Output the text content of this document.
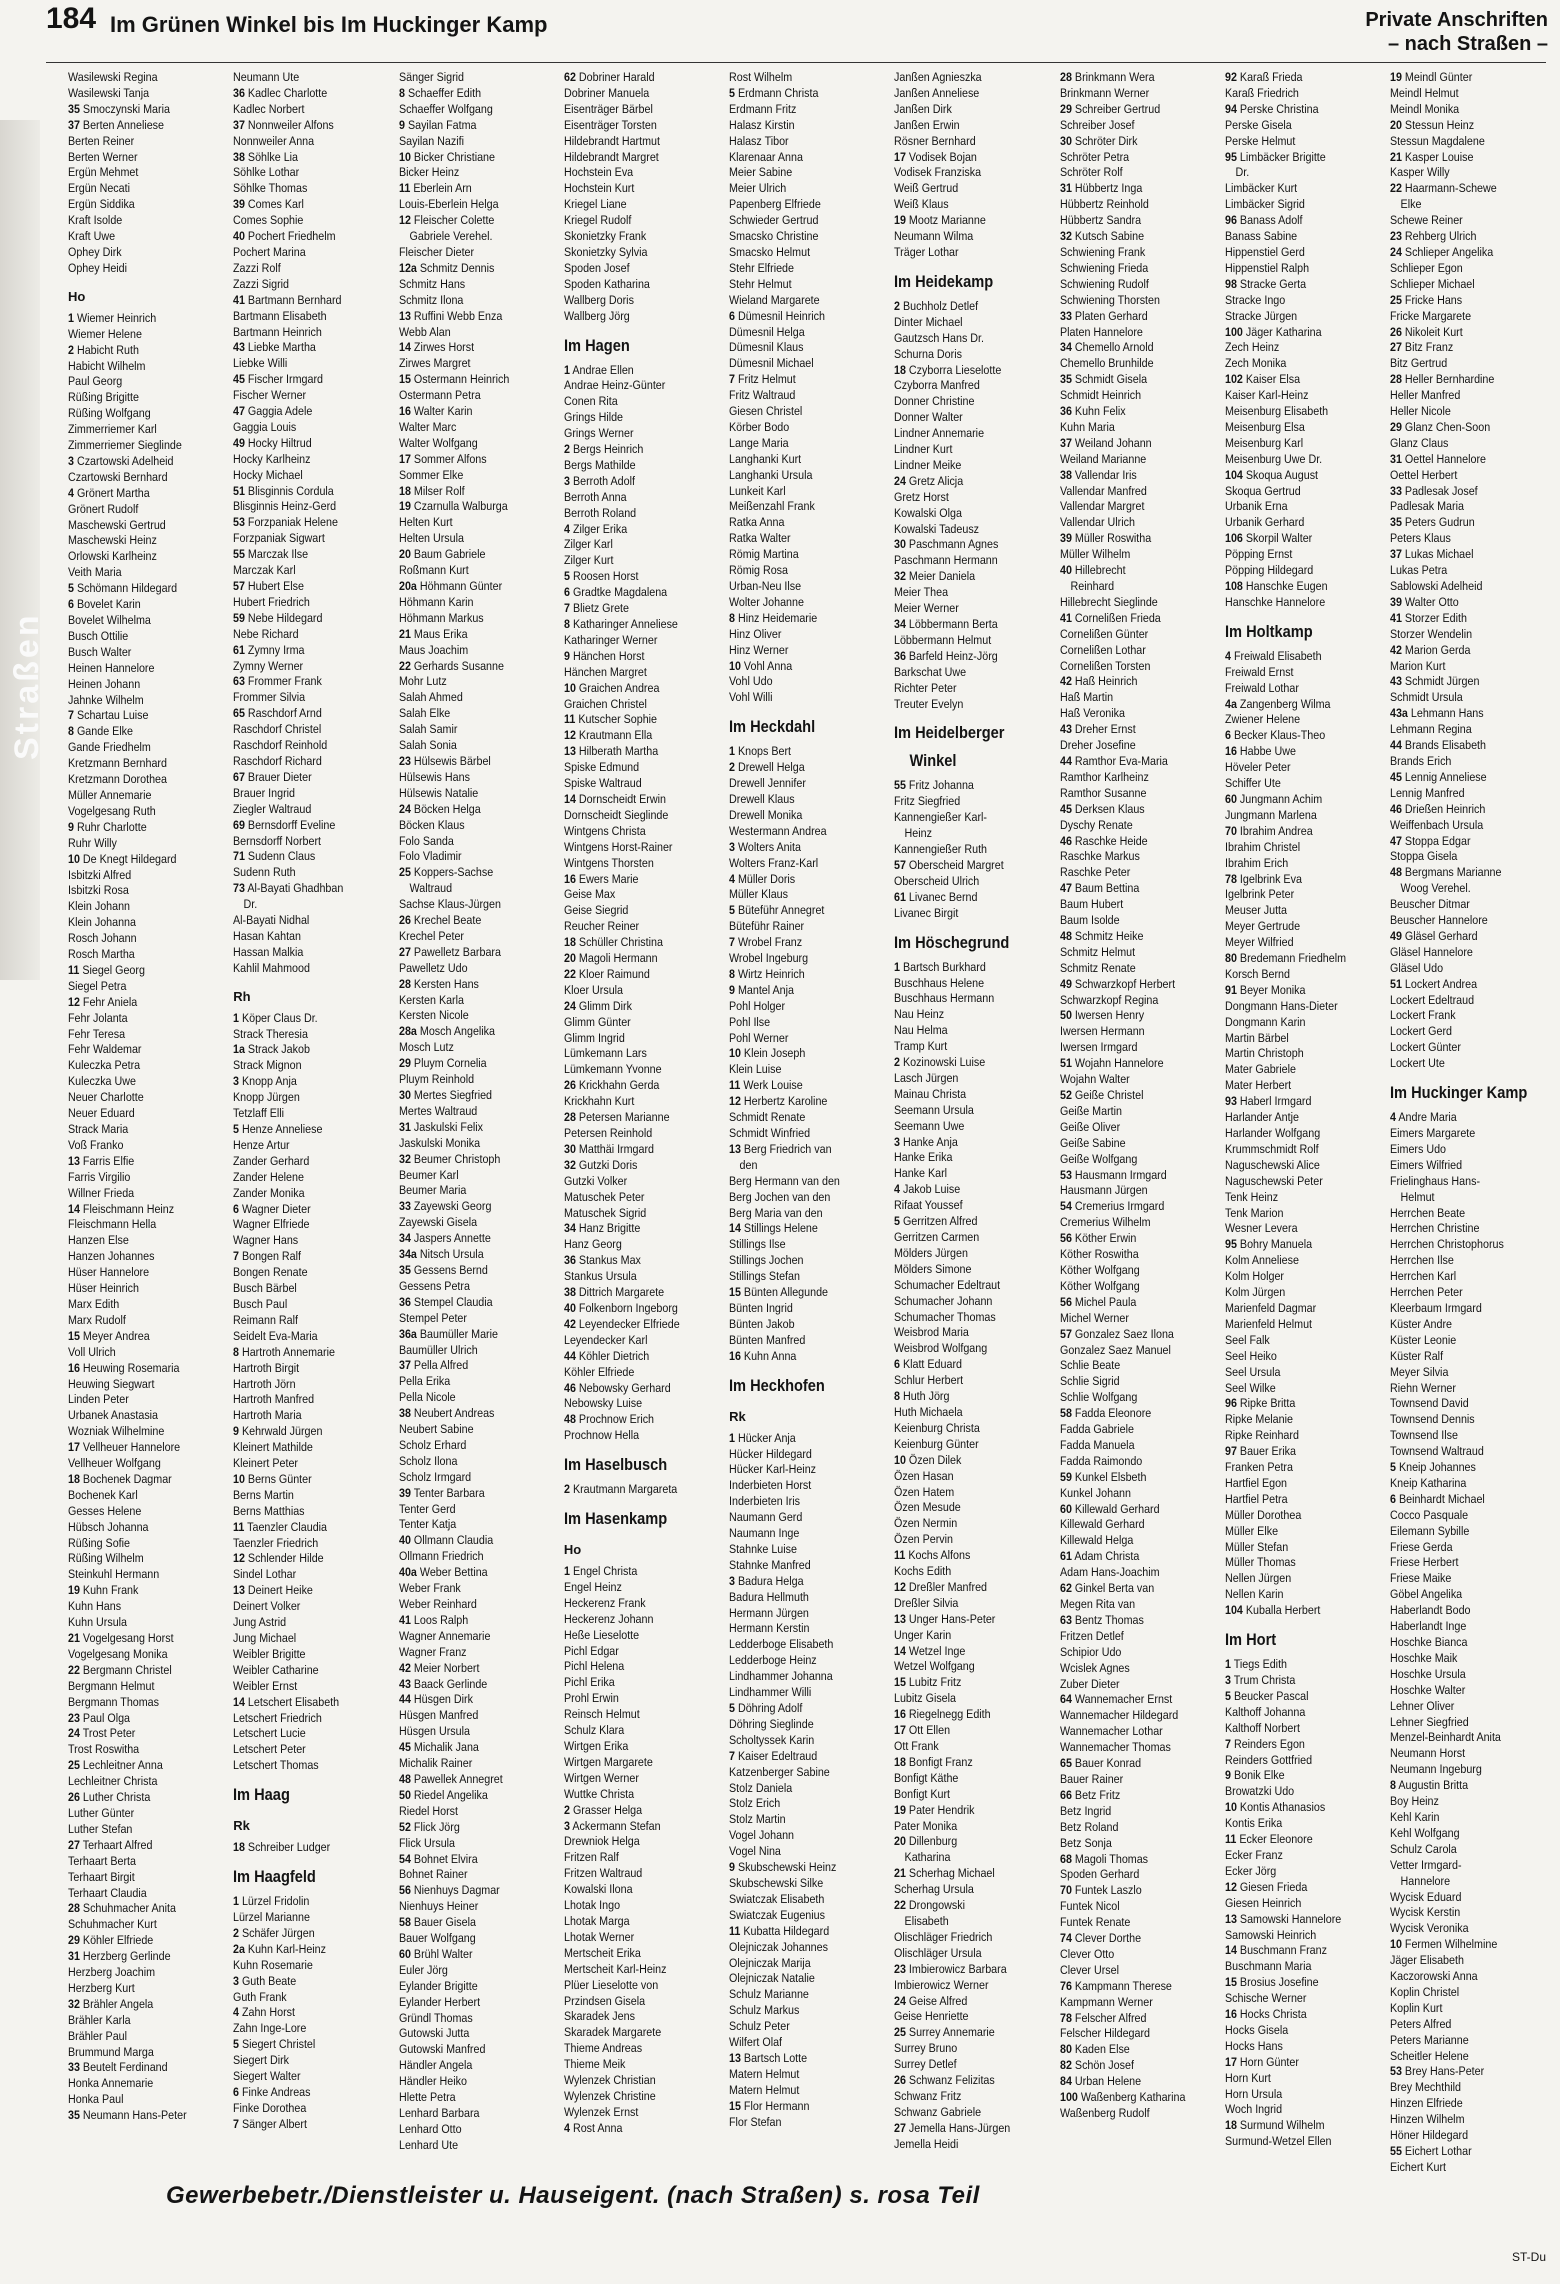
184 Im Grünen Winkel bis Im Huckinger Kamp	Private Anschriften
– nach Straßen –
Straßen
Wasilewski Regina
Wasilewski Tanja
35 Smoczynski Maria
37 Berten Anneliese
Berten Reiner
Berten Werner
Ergün Mehmet
Ergün Necati
Ergün Siddika
Kraft Isolde
Kraft Uwe
Ophey Dirk
Ophey Heidi
Ho
1 Wiemer Heinrich
Wiemer Helene
2 Habicht Ruth
Habicht Wilhelm
Paul Georg
Rüßing Brigitte
Rüßing Wolfgang
Zimmerriemer Karl
Zimmerriemer Sieglinde
3 Czartowski Adelheid
Czartowski Bernhard
4 Grönert Martha
Grönert Rudolf
Maschewski Gertrud
Maschewski Heinz
Orlowski Karlheinz
Veith Maria
5 Schömann Hildegard
6 Bovelet Karin
Bovelet Wilhelma
Busch Ottilie
Busch Walter
Heinen Hannelore
Heinen Johann
Jahnke Wilhelm
7 Schartau Luise
8 Gande Elke
Gande Friedhelm
Kretzmann Bernhard
Kretzmann Dorothea
Müller Annemarie
Vogelgesang Ruth
9 Ruhr Charlotte
Ruhr Willy
10 De Knegt Hildegard
Isbitzki Alfred
Isbitzki Rosa
Klein Johann
Klein Johanna
Rosch Johann
Rosch Martha
11 Siegel Georg
Siegel Petra
12 Fehr Aniela
Fehr Jolanta
Fehr Teresa
Fehr Waldemar
Kuleczka Petra
Kuleczka Uwe
Neuer Charlotte
Neuer Eduard
Strack Maria
Voß Franko
13 Farris Elfie
Farris Virgilio
Willner Frieda
14 Fleischmann Heinz
Fleischmann Hella
Hanzen Else
Hanzen Johannes
Hüser Hannelore
Hüser Heinrich
Marx Edith
Marx Rudolf
15 Meyer Andrea
Voll Ulrich
16 Heuwing Rosemaria
Heuwing Siegwart
Linden Peter
Urbanek Anastasia
Wozniak Wilhelmine
17 Vellheuer Hannelore
Vellheuer Wolfgang
18 Bochenek Dagmar
Bochenek Karl
Gesses Helene
Hübsch Johanna
Rüßing Sofie
Rüßing Wilhelm
Steinkuhl Hermann
19 Kuhn Frank
Kuhn Hans
Kuhn Ursula
21 Vogelgesang Horst
Vogelgesang Monika
22 Bergmann Christel
Bergmann Helmut
Bergmann Thomas
23 Paul Olga
24 Trost Peter
Trost Roswitha
25 Lechleitner Anna
Lechleitner Christa
26 Luther Christa
Luther Günter
Luther Stefan
27 Terhaart Alfred
Terhaart Berta
Terhaart Birgit
Terhaart Claudia
28 Schuhmacher Anita
Schuhmacher Kurt
29 Köhler Elfriede
31 Herzberg Gerlinde
Herzberg Joachim
Herzberg Kurt
32 Brähler Angela
Brähler Karla
Brähler Paul
Brummund Marga
33 Beutelt Ferdinand
Honka Annemarie
Honka Paul
35 Neumann Hans-Peter
Neumann Ute
36 Kadlec Charlotte
Kadlec Norbert
37 Nonnweiler Alfons
Nonnweiler Anna
38 Söhlke Lia
Söhlke Lothar
Söhlke Thomas
39 Comes Karl
Comes Sophie
40 Pochert Friedhelm
Pochert Marina
Zazzi Rolf
Zazzi Sigrid
41 Bartmann Bernhard
Bartmann Elisabeth
Bartmann Heinrich
43 Liebke Martha
Liebke Willi
45 Fischer Irmgard
Fischer Werner
47 Gaggia Adele
Gaggia Louis
49 Hocky Hiltrud
Hocky Karlheinz
Hocky Michael
51 Blisginnis Cordula
Blisginnis Heinz-Gerd
53 Forzpaniak Helene
Forzpaniak Sigwart
55 Marczak Ilse
Marczak Karl
57 Hubert Else
Hubert Friedrich
59 Nebe Hildegard
Nebe Richard
61 Zymny Irma
Zymny Werner
63 Frommer Frank
Frommer Silvia
65 Raschdorf Arnd
Raschdorf Christel
Raschdorf Reinhold
Raschdorf Richard
67 Brauer Dieter
Brauer Ingrid
Ziegler Waltraud
69 Bernsdorff Eveline
Bernsdorff Norbert
71 Sudenn Claus
Sudenn Ruth
73 Al-Bayati Ghadhban
Dr.
Al-Bayati Nidhal
Hasan Kahtan
Hassan Malkia
Kahlil Mahmood
Rh
1 Köper Claus Dr.
Strack Theresia
1a Strack Jakob
Strack Mignon
3 Knopp Anja
Knopp Jürgen
Tetzlaff Elli
5 Henze Anneliese
Henze Artur
Zander Gerhard
Zander Helene
Zander Monika
6 Wagner Dieter
Wagner Elfriede
Wagner Hans
7 Bongen Ralf
Bongen Renate
Busch Bärbel
Busch Paul
Reimann Ralf
Seidelt Eva-Maria
8 Hartroth Annemarie
Hartroth Birgit
Hartroth Jörn
Hartroth Manfred
Hartroth Maria
9 Kehrwald Jürgen
Kleinert Mathilde
Kleinert Peter
10 Berns Günter
Berns Martin
Berns Matthias
11 Taenzler Claudia
Taenzler Friedrich
12 Schlender Hilde
Sindel Lothar
13 Deinert Heike
Deinert Volker
Jung Astrid
Jung Michael
Weibler Brigitte
Weibler Catharine
Weibler Ernst
14 Letschert Elisabeth
Letschert Friedrich
Letschert Lucie
Letschert Peter
Letschert Thomas
Im Haag
Rk
18 Schreiber Ludger
Im Haagfeld
1 Lürzel Fridolin
Lürzel Marianne
2 Schäfer Jürgen
2a Kuhn Karl-Heinz
Kuhn Rosemarie
3 Guth Beate
Guth Frank
4 Zahn Horst
Zahn Inge-Lore
5 Siegert Christel
Siegert Dirk
Siegert Walter
6 Finke Andreas
Finke Dorothea
7 Sänger Albert
Sänger Sigrid
8 Schaeffer Edith
Schaeffer Wolfgang
9 Sayilan Fatma
Sayilan Nazifi
10 Bicker Christiane
Bicker Heinz
11 Eberlein Arn
Louis-Eberlein Helga
12 Fleischer Colette
Gabriele Verehel.
Fleischer Dieter
12a Schmitz Dennis
Schmitz Hans
Schmitz Ilona
13 Ruffini Webb Enza
Webb Alan
14 Zirwes Horst
Zirwes Margret
15 Ostermann Heinrich
Ostermann Petra
16 Walter Karin
Walter Marc
Walter Wolfgang
17 Sommer Alfons
Sommer Elke
18 Milser Rolf
19 Czarnulla Walburga
Helten Kurt
Helten Ursula
20 Baum Gabriele
Roßmann Kurt
20a Höhmann Günter
Höhmann Karin
Höhmann Markus
21 Maus Erika
Maus Joachim
22 Gerhards Susanne
Mohr Lutz
Salah Ahmed
Salah Elke
Salah Samir
Salah Sonia
23 Hülsewis Bärbel
Hülsewis Hans
Hülsewis Natalie
24 Böcken Helga
Böcken Klaus
Folo Sanda
Folo Vladimir
25 Koppers-Sachse
Waltraud
Sachse Klaus-Jürgen
26 Krechel Beate
Krechel Peter
27 Pawelletz Barbara
Pawelletz Udo
28 Kersten Hans
Kersten Karla
Kersten Nicole
28a Mosch Angelika
Mosch Lutz
29 Pluym Cornelia
Pluym Reinhold
30 Mertes Siegfried
Mertes Waltraud
31 Jaskulski Felix
Jaskulski Monika
32 Beumer Christoph
Beumer Karl
Beumer Maria
33 Zayewski Georg
Zayewski Gisela
34 Jaspers Annette
34a Nitsch Ursula
35 Gessens Bernd
Gessens Petra
36 Stempel Claudia
Stempel Peter
36a Baumüller Marie
Baumüller Ulrich
37 Pella Alfred
Pella Erika
Pella Nicole
38 Neubert Andreas
Neubert Sabine
Scholz Erhard
Scholz Ilona
Scholz Irmgard
39 Tenter Barbara
Tenter Gerd
Tenter Katja
40 Ollmann Claudia
Ollmann Friedrich
40a Weber Bettina
Weber Frank
Weber Reinhard
41 Loos Ralph
Wagner Annemarie
Wagner Franz
42 Meier Norbert
43 Baack Gerlinde
44 Hüsgen Dirk
Hüsgen Manfred
Hüsgen Ursula
45 Michalik Jana
Michalik Rainer
48 Pawellek Annegret
50 Riedel Angelika
Riedel Horst
52 Flick Jörg
Flick Ursula
54 Bohnet Elvira
Bohnet Rainer
56 Nienhuys Dagmar
Nienhuys Heiner
58 Bauer Gisela
Bauer Wolfgang
60 Brühl Walter
Euler Jörg
Eylander Brigitte
Eylander Herbert
Gründl Thomas
Gutowski Jutta
Gutowski Manfred
Händler Angela
Händler Heiko
Hlette Petra
Lenhard Barbara
Lenhard Otto
Lenhard Ute
62 Dobriner Harald
Dobriner Manuela
Eisenträger Bärbel
Eisenträger Torsten
Hildebrandt Hartmut
Hildebrandt Margret
Hochstein Eva
Hochstein Kurt
Kriegel Liane
Kriegel Rudolf
Skonietzky Frank
Skonietzky Sylvia
Spoden Josef
Spoden Katharina
Wallberg Doris
Wallberg Jörg
Im Hagen
1 Andrae Ellen
Andrae Heinz-Günter
Conen Rita
Grings Hilde
Grings Werner
2 Bergs Heinrich
Bergs Mathilde
3 Berroth Adolf
Berroth Anna
Berroth Roland
4 Zilger Erika
Zilger Karl
Zilger Kurt
5 Roosen Horst
6 Gradtke Magdalena
7 Blietz Grete
8 Katharinger Anneliese
Katharinger Werner
9 Hänchen Horst
Hänchen Margret
10 Graichen Andrea
Graichen Christel
11 Kutscher Sophie
12 Krautmann Ella
13 Hilberath Martha
Spiske Edmund
Spiske Waltraud
14 Dornscheidt Erwin
Dornscheidt Sieglinde
Wintgens Christa
Wintgens Horst-Rainer
Wintgens Thorsten
16 Ewers Marie
Geise Max
Geise Siegrid
Reucher Reiner
18 Schüller Christina
20 Magoli Hermann
22 Kloer Raimund
Kloer Ursula
24 Glimm Dirk
Glimm Günter
Glimm Ingrid
Lümkemann Lars
Lümkemann Yvonne
26 Krickhahn Gerda
Krickhahn Kurt
28 Petersen Marianne
Petersen Reinhold
30 Matthäi Irmgard
32 Gutzki Doris
Gutzki Volker
Matuschek Peter
Matuschek Sigrid
34 Hanz Brigitte
Hanz Georg
36 Stankus Max
Stankus Ursula
38 Dittrich Margarete
40 Folkenborn Ingeborg
42 Leyendecker Elfriede
Leyendecker Karl
44 Köhler Dietrich
Köhler Elfriede
46 Nebowsky Gerhard
Nebowsky Luise
48 Prochnow Erich
Prochnow Hella
Im Haselbusch
2 Krautmann Margareta
Im Hasenkamp
Ho
1 Engel Christa
Engel Heinz
Heckerenz Frank
Heckerenz Johann
Heße Lieselotte
Pichl Edgar
Pichl Helena
Pichl Erika
Prohl Erwin
Reinsch Helmut
Schulz Klara
Wirtgen Erika
Wirtgen Margarete
Wirtgen Werner
Wuttke Christa
2 Grasser Helga
3 Ackermann Stefan
Drewniok Helga
Fritzen Ralf
Fritzen Waltraud
Kowalski Ilona
Lhotak Ingo
Lhotak Marga
Lhotak Werner
Mertscheit Erika
Mertscheit Karl-Heinz
Plüer Lieselotte von
Przindsen Gisela
Skaradek Jens
Skaradek Margarete
Thieme Andreas
Thieme Meik
Wylenzek Christian
Wylenzek Christine
Wylenzek Ernst
4 Rost Anna
Rost Wilhelm
5 Erdmann Christa
Erdmann Fritz
Halasz Kirstin
Halasz Tibor
Klarenaar Anna
Meier Sabine
Meier Ulrich
Papenberg Elfriede
Schwieder Gertrud
Smacsko Christine
Smacsko Helmut
Stehr Elfriede
Stehr Helmut
Wieland Margarete
6 Dümesnil Heinrich
Dümesnil Helga
Dümesnil Klaus
Dümesnil Michael
7 Fritz Helmut
Fritz Waltraud
Giesen Christel
Körber Bodo
Lange Maria
Langhanki Kurt
Langhanki Ursula
Lunkeit Karl
Meißenzahl Frank
Ratka Anna
Ratka Walter
Römig Martina
Römig Rosa
Urban-Neu Ilse
Wolter Johanne
8 Hinz Heidemarie
Hinz Oliver
Hinz Werner
10 Vohl Anna
Vohl Udo
Vohl Willi
Im Heckdahl
1 Knops Bert
2 Drewell Helga
Drewell Jennifer
Drewell Klaus
Drewell Monika
Westermann Andrea
3 Wolters Anita
Wolters Franz-Karl
4 Müller Doris
Müller Klaus
5 Büteführ Annegret
Büteführ Rainer
7 Wrobel Franz
Wrobel Ingeburg
8 Wirtz Heinrich
9 Mantel Anja
Pohl Holger
Pohl Ilse
Pohl Werner
10 Klein Joseph
Klein Luise
11 Werk Louise
12 Herbertz Karoline
Schmidt Renate
Schmidt Winfried
13 Berg Friedrich van
den
Berg Hermann van den
Berg Jochen van den
Berg Maria van den
14 Stillings Helene
Stillings Ilse
Stillings Jochen
Stillings Stefan
15 Bünten Allegunde
Bünten Ingrid
Bünten Jakob
Bünten Manfred
16 Kuhn Anna
Im Heckhofen
Rk
1 Hücker Anja
Hücker Hildegard
Hücker Karl-Heinz
Inderbieten Horst
Inderbieten Iris
Naumann Gerd
Naumann Inge
Stahnke Luise
Stahnke Manfred
3 Badura Helga
Badura Hellmuth
Hermann Jürgen
Hermann Kerstin
Ledderboge Elisabeth
Ledderboge Heinz
Lindhammer Johanna
Lindhammer Willi
5 Döhring Adolf
Döhring Sieglinde
Scholtyssek Karin
7 Kaiser Edeltraud
Katzenberger Sabine
Stolz Daniela
Stolz Erich
Stolz Martin
Vogel Johann
Vogel Nina
9 Skubschewski Heinz
Skubschewski Silke
Swiatczak Elisabeth
Swiatczak Eugenius
11 Kubatta Hildegard
Olejniczak Johannes
Olejniczak Marija
Olejniczak Natalie
Schulz Marianne
Schulz Markus
Schulz Peter
Wilfert Olaf
13 Bartsch Lotte
Matern Helmut
Matern Helmut
15 Flor Hermann
Flor Stefan
Janßen Agnieszka
Janßen Anneliese
Janßen Dirk
Janßen Erwin
Rösner Bernhard
17 Vodisek Bojan
Vodisek Franziska
Weiß Gertrud
Weiß Klaus
19 Mootz Marianne
Neumann Wilma
Träger Lothar
Im Heidekamp
2 Buchholz Detlef
Dinter Michael
Gautzsch Hans Dr.
Schurna Doris
18 Czyborra Lieselotte
Czyborra Manfred
Donner Christine
Donner Walter
Lindner Annemarie
Lindner Kurt
Lindner Meike
24 Gretz Alicja
Gretz Horst
Kowalski Olga
Kowalski Tadeusz
30 Paschmann Agnes
Paschmann Hermann
32 Meier Daniela
Meier Thea
Meier Werner
34 Löbbermann Berta
Löbbermann Helmut
36 Barfeld Heinz-Jörg
Barkschat Uwe
Richter Peter
Treuter Evelyn
Im Heidelberger
Winkel
55 Fritz Johanna
Fritz Siegfried
Kannengießer Karl-
Heinz
Kannengießer Ruth
57 Oberscheid Margret
Oberscheid Ulrich
61 Livanec Bernd
Livanec Birgit
Im Höschegrund
1 Bartsch Burkhard
Buschhaus Helene
Buschhaus Hermann
Nau Heinz
Nau Helma
Tramp Kurt
2 Kozinowski Luise
Lasch Jürgen
Mainau Christa
Seemann Ursula
Seemann Uwe
3 Hanke Anja
Hanke Erika
Hanke Karl
4 Jakob Luise
Rifaat Youssef
5 Gerritzen Alfred
Gerritzen Carmen
Mölders Jürgen
Mölders Simone
Schumacher Edeltraut
Schumacher Johann
Schumacher Thomas
Weisbrod Maria
Weisbrod Wolfgang
6 Klatt Eduard
Schlur Herbert
8 Huth Jörg
Huth Michaela
Keienburg Christa
Keienburg Günter
10 Özen Dilek
Özen Hasan
Özen Hatem
Özen Mesude
Özen Nermin
Özen Pervin
11 Kochs Alfons
Kochs Edith
12 Dreßler Manfred
Dreßler Silvia
13 Unger Hans-Peter
Unger Karin
14 Wetzel Inge
Wetzel Wolfgang
15 Lubitz Fritz
Lubitz Gisela
16 Riegelnegg Edith
17 Ott Ellen
Ott Frank
18 Bonfigt Franz
Bonfigt Käthe
Bonfigt Kurt
19 Pater Hendrik
Pater Monika
20 Dillenburg
Katharina
21 Scherhag Michael
Scherhag Ursula
22 Drongowski
Elisabeth
Olischläger Friedrich
Olischläger Ursula
23 Imbierowicz Barbara
Imbierowicz Werner
24 Geise Alfred
Geise Henriette
25 Surrey Annemarie
Surrey Bruno
Surrey Detlef
26 Schwanz Felizitas
Schwanz Fritz
Schwanz Gabriele
27 Jemella Hans-Jürgen
Jemella Heidi
28 Brinkmann Wera
Brinkmann Werner
29 Schreiber Gertrud
Schreiber Josef
30 Schröter Dirk
Schröter Petra
Schröter Rolf
31 Hübbertz Inga
Hübbertz Reinhold
Hübbertz Sandra
32 Kutsch Sabine
Schwiening Frank
Schwiening Frieda
Schwiening Rudolf
Schwiening Thorsten
33 Platen Gerhard
Platen Hannelore
34 Chemello Arnold
Chemello Brunhilde
35 Schmidt Gisela
Schmidt Heinrich
36 Kuhn Felix
Kuhn Maria
37 Weiland Johann
Weiland Marianne
38 Vallendar Iris
Vallendar Manfred
Vallendar Margret
Vallendar Ulrich
39 Müller Roswitha
Müller Wilhelm
40 Hillebrecht
Reinhard
Hillebrecht Sieglinde
41 Cornelißen Frieda
Cornelißen Günter
Cornelißen Lothar
Cornelißen Torsten
42 Haß Heinrich
Haß Martin
Haß Veronika
43 Dreher Ernst
Dreher Josefine
44 Ramthor Eva-Maria
Ramthor Karlheinz
Ramthor Susanne
45 Derksen Klaus
Dyschy Renate
46 Raschke Heide
Raschke Markus
Raschke Peter
47 Baum Bettina
Baum Hubert
Baum Isolde
48 Schmitz Heike
Schmitz Helmut
Schmitz Renate
49 Schwarzkopf Herbert
Schwarzkopf Regina
50 Iwersen Henry
Iwersen Hermann
Iwersen Irmgard
51 Wojahn Hannelore
Wojahn Walter
52 Geiße Christel
Geiße Martin
Geiße Oliver
Geiße Sabine
Geiße Wolfgang
53 Hausmann Irmgard
Hausmann Jürgen
54 Cremerius Irmgard
Cremerius Wilhelm
56 Köther Erwin
Köther Roswitha
Köther Wolfgang
Köther Wolfgang
56 Michel Paula
Michel Werner
57 Gonzalez Saez Ilona
Gonzalez Saez Manuel
Schlie Beate
Schlie Sigrid
Schlie Wolfgang
58 Fadda Eleonore
Fadda Gabriele
Fadda Manuela
Fadda Raimondo
59 Kunkel Elsbeth
Kunkel Johann
60 Killewald Gerhard
Killewald Gerhard
Killewald Helga
61 Adam Christa
Adam Hans-Joachim
62 Ginkel Berta van
Megen Rita van
63 Bentz Thomas
Fritzen Detlef
Schipior Udo
Wcislek Agnes
Zuber Dieter
64 Wannemacher Ernst
Wannemacher Hildegard
Wannemacher Lothar
Wannemacher Thomas
65 Bauer Konrad
Bauer Rainer
66 Betz Fritz
Betz Ingrid
Betz Roland
Betz Sonja
68 Magoli Thomas
Spoden Gerhard
70 Funtek Laszlo
Funtek Nicol
Funtek Renate
74 Clever Dorthe
Clever Otto
Clever Ursel
76 Kampmann Therese
Kampmann Werner
78 Felscher Alfred
Felscher Hildegard
80 Kaden Else
82 Schön Josef
84 Urban Helene
100 Waßenberg Katharina
Waßenberg Rudolf
92 Karaß Frieda
Karaß Friedrich
94 Perske Christina
Perske Gisela
Perske Helmut
95 Limbäcker Brigitte
Dr.
Limbäcker Kurt
Limbäcker Sigrid
96 Banass Adolf
Banass Sabine
Hippenstiel Gerd
Hippenstiel Ralph
98 Stracke Gerta
Stracke Ingo
Stracke Jürgen
100 Jäger Katharina
Zech Heinz
Zech Monika
102 Kaiser Elsa
Kaiser Karl-Heinz
Meisenburg Elisabeth
Meisenburg Elsa
Meisenburg Karl
Meisenburg Uwe Dr.
104 Skoqua August
Skoqua Gertrud
Urbanik Erna
Urbanik Gerhard
106 Skorpil Walter
Pöpping Ernst
Pöpping Hildegard
108 Hanschke Eugen
Hanschke Hannelore
Im Holtkamp
4 Freiwald Elisabeth
Freiwald Ernst
Freiwald Lothar
4a Zangenberg Wilma
Zwiener Helene
6 Becker Klaus-Theo
16 Habbe Uwe
Höveler Peter
Schiffer Ute
60 Jungmann Achim
Jungmann Marlena
70 Ibrahim Andrea
Ibrahim Christel
Ibrahim Erich
78 Igelbrink Eva
Igelbrink Peter
Meuser Jutta
Meyer Gertrude
Meyer Wilfried
80 Bredemann Friedhelm
Korsch Bernd
91 Beyer Monika
Dongmann Hans-Dieter
Dongmann Karin
Martin Bärbel
Martin Christoph
Mater Gabriele
Mater Herbert
93 Haberl Irmgard
Harlander Antje
Harlander Wolfgang
Krummschmidt Rolf
Naguschewski Alice
Naguschewski Peter
Tenk Heinz
Tenk Marion
Wesner Levera
95 Bohry Manuela
Kolm Anneliese
Kolm Holger
Kolm Jürgen
Marienfeld Dagmar
Marienfeld Helmut
Seel Falk
Seel Heiko
Seel Ursula
Seel Wilke
96 Ripke Britta
Ripke Melanie
Ripke Reinhard
97 Bauer Erika
Franken Petra
Hartfiel Egon
Hartfiel Petra
Müller Dorothea
Müller Elke
Müller Stefan
Müller Thomas
Nellen Jürgen
Nellen Karin
104 Kuballa Herbert
Im Hort
1 Tiegs Edith
3 Trum Christa
5 Beucker Pascal
Kalthoff Johanna
Kalthoff Norbert
7 Reinders Egon
Reinders Gottfried
9 Bonik Elke
Browatzki Udo
10 Kontis Athanasios
Kontis Erika
11 Ecker Eleonore
Ecker Franz
Ecker Jörg
12 Giesen Frieda
Giesen Heinrich
13 Samowski Hannelore
Samowski Heinrich
14 Buschmann Franz
Buschmann Maria
15 Brosius Josefine
Schische Werner
16 Hocks Christa
Hocks Gisela
Hocks Hans
17 Horn Günter
Horn Kurt
Horn Ursula
Woch Ingrid
18 Surmund Wilhelm
Surmund-Wetzel Ellen
19 Meindl Günter
Meindl Helmut
Meindl Monika
20 Stessun Heinz
Stessun Magdalene
21 Kasper Louise
Kasper Willy
22 Haarmann-Schewe
Elke
Schewe Reiner
23 Rehberg Ulrich
24 Schlieper Angelika
Schlieper Egon
Schlieper Michael
25 Fricke Hans
Fricke Margarete
26 Nikoleit Kurt
27 Bitz Franz
Bitz Gertrud
28 Heller Bernhardine
Heller Manfred
Heller Nicole
29 Glanz Chen-Soon
Glanz Claus
31 Oettel Hannelore
Oettel Herbert
33 Padlesak Josef
Padlesak Maria
35 Peters Gudrun
Peters Klaus
37 Lukas Michael
Lukas Petra
Sablowski Adelheid
39 Walter Otto
41 Storzer Edith
Storzer Wendelin
42 Marion Gerda
Marion Kurt
43 Schmidt Jürgen
Schmidt Ursula
43a Lehmann Hans
Lehmann Regina
44 Brands Elisabeth
Brands Erich
45 Lennig Anneliese
Lennig Manfred
46 Drießen Heinrich
Weiffenbach Ursula
47 Stoppa Edgar
Stoppa Gisela
48 Bergmans Marianne
Woog Verehel.
Beuscher Ditmar
Beuscher Hannelore
49 Gläsel Gerhard
Gläsel Hannelore
Gläsel Udo
51 Lockert Andrea
Lockert Edeltraud
Lockert Frank
Lockert Gerd
Lockert Günter
Lockert Ute
Im Huckinger Kamp
4 Andre Maria
Eimers Margarete
Eimers Udo
Eimers Wilfried
Frielinghaus Hans-
Helmut
Herrchen Beate
Herrchen Christine
Herrchen Christophorus
Herrchen Ilse
Herrchen Karl
Herrchen Peter
Kleerbaum Irmgard
Küster Andre
Küster Leonie
Küster Ralf
Meyer Silvia
Riehn Werner
Townsend David
Townsend Dennis
Townsend Ilse
Townsend Waltraud
5 Kneip Johannes
Kneip Katharina
6 Beinhardt Michael
Cocco Pasquale
Eilemann Sybille
Friese Gerda
Friese Herbert
Friese Maike
Göbel Angelika
Haberlandt Bodo
Haberlandt Inge
Hoschke Bianca
Hoschke Maik
Hoschke Ursula
Hoschke Walter
Lehner Oliver
Lehner Siegfried
Menzel-Beinhardt Anita
Neumann Horst
Neumann Ingeburg
8 Augustin Britta
Boy Heinz
Kehl Karin
Kehl Wolfgang
Schulz Carola
Vetter Irmgard-
Hannelore
Wycisk Eduard
Wycisk Kerstin
Wycisk Veronika
10 Fermen Wilhelmine
Jäger Elisabeth
Kaczorowski Anna
Koplin Christel
Koplin Kurt
Peters Alfred
Peters Marianne
Scheitler Helene
53 Brey Hans-Peter
Brey Mechthild
Hinzen Elfriede
Hinzen Wilhelm
Höner Hildegard
55 Eichert Lothar
Eichert Kurt
Gewerbebetr./Dienstleister u. Hauseigent. (nach Straßen) s. rosa Teil
ST-Du
